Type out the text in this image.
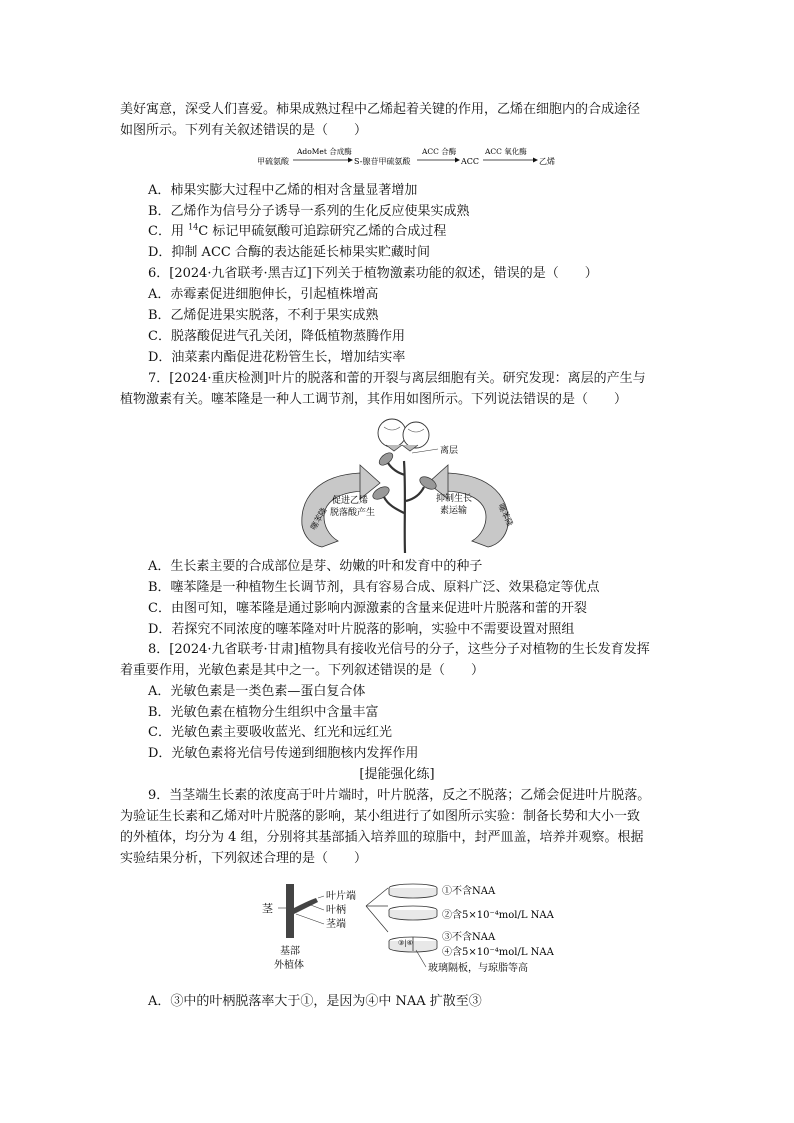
美好寓意，深受人们喜爱。柿果成熟过程中乙烯起着关键的作用，乙烯在细胞内的合成途径
如图所示。下列有关叙述错误的是（　　）
甲硫氨酸
AdoMet 合成酶
S-腺苷甲硫氨酸
ACC 合酶
ACC
ACC 氧化酶
乙烯
A．柿果实膨大过程中乙烯的相对含量显著增加
B．乙烯作为信号分子诱导一系列的生化反应使果实成熟
C．用 $^{14}$C 标记甲硫氨酸可追踪研究乙烯的合成过程
D．抑制 ACC 合酶的表达能延长柿果实贮藏时间
6．[2024·九省联考·黑吉辽]下列关于植物激素功能的叙述，错误的是（　　）
A．赤霉素促进细胞伸长，引起植株增高
B．乙烯促进果实脱落，不利于果实成熟
C．脱落酸促进气孔关闭，降低植物蒸腾作用
D．油菜素内酯促进花粉管生长，增加结实率
7．[2024·重庆检测]叶片的脱落和蕾的开裂与离层细胞有关。研究发现：离层的产生与
植物激素有关。噻苯隆是一种人工调节剂，其作用如图所示。下列说法错误的是（　　）
噻苯隆	噻苯隆
离层
促进乙烯
脱落酸产生
抑制生长
素运输
A．生长素主要的合成部位是芽、幼嫩的叶和发育中的种子
B．噻苯隆是一种植物生长调节剂，具有容易合成、原料广泛、效果稳定等优点
C．由图可知，噻苯隆是通过影响内源激素的含量来促进叶片脱落和蕾的开裂
D．若探究不同浓度的噻苯隆对叶片脱落的影响，实验中不需要设置对照组
8．[2024·九省联考·甘肃]植物具有接收光信号的分子，这些分子对植物的生长发育发挥
着重要作用，光敏色素是其中之一。下列叙述错误的是（　　）
A．光敏色素是一类色素—蛋白复合体
B．光敏色素在植物分生组织中含量丰富
C．光敏色素主要吸收蓝光、红光和远红光
D．光敏色素将光信号传递到细胞核内发挥作用
[提能强化练]
9．当茎端生长素的浓度高于叶片端时，叶片脱落，反之不脱落；乙烯会促进叶片脱落。
为验证生长素和乙烯对叶片脱落的影响，某小组进行了如图所示实验：制备长势和大小一致
的外植体，均分为 4 组，分别将其基部插入培养皿的琼脂中，封严皿盖，培养并观察。根据
实验结果分析，下列叙述合理的是（　　）
茎
叶片端
叶柄
茎端
基部
外植体
①不含NAA
②含5×10⁻⁴mol/L NAA
③|④	③不含NAA
④含5×10⁻⁴mol/L NAA
玻璃隔板，与琼脂等高
A．③中的叶柄脱落率大于①，是因为④中 NAA 扩散至③
